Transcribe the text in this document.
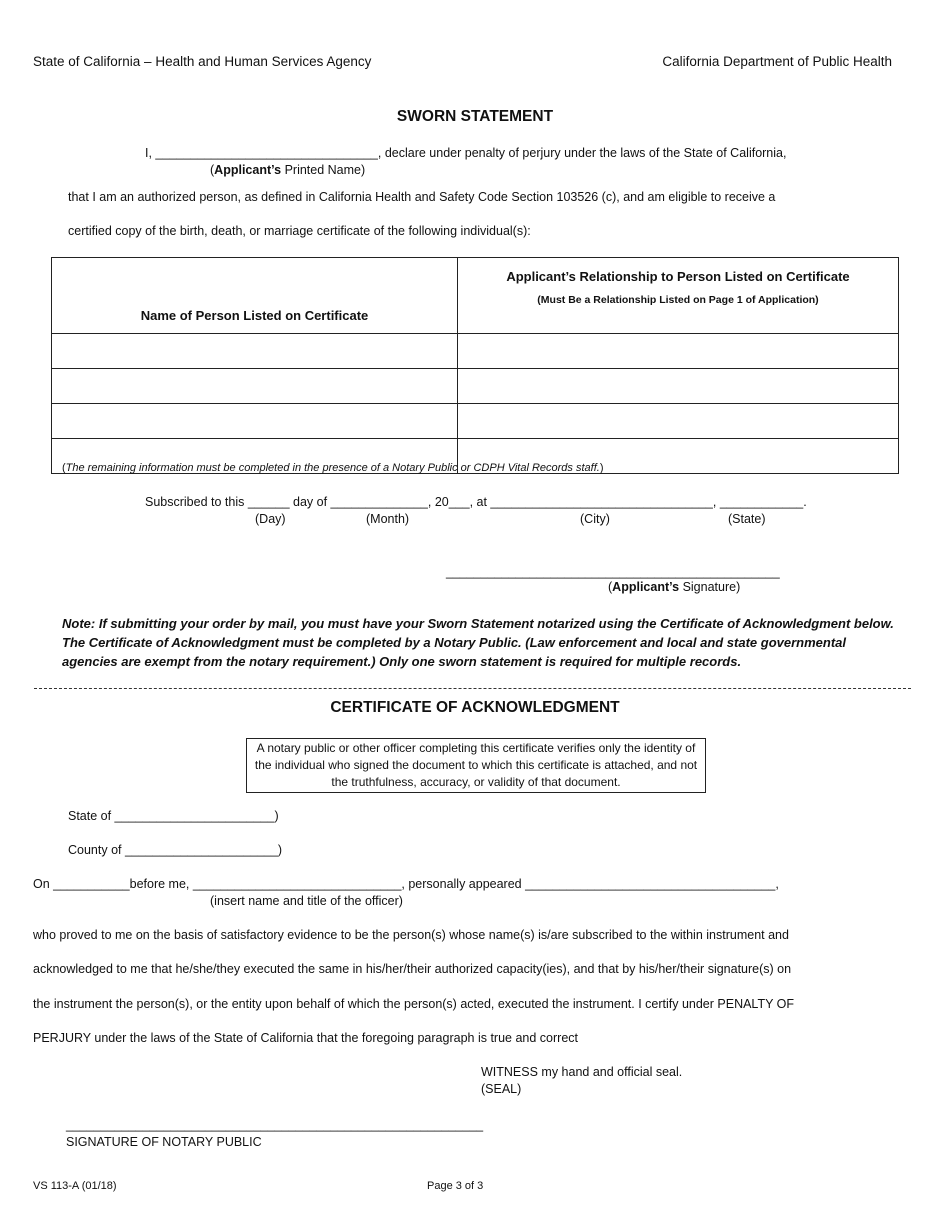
State of California – Health and Human Services Agency	California Department of Public Health
SWORN STATEMENT
I, ________________________________, declare under penalty of perjury under the laws of the State of California,
(Applicant’s Printed Name)
that I am an authorized person, as defined in California Health and Safety Code Section 103526 (c), and am eligible to receive a
certified copy of the birth, death, or marriage certificate of the following individual(s):
Name of Person Listed on Certificate	Applicant’s Relationship to Person Listed on Certificate
(Must Be a Relationship Listed on Page 1 of Application)

(The remaining information must be completed in the presence of a Notary Public or CDPH Vital Records staff.)
Subscribed to this ______ day of ______________, 20___, at ________________________________, ____________.
(Day)	(Month)	(City)	(State)
________________________________________________
(Applicant’s Signature)
Note: If submitting your order by mail, you must have your Sworn Statement notarized using the Certificate of Acknowledgment below. The Certificate of Acknowledgment must be completed by a Notary Public. (Law enforcement and local and state governmental agencies are exempt from the notary requirement.) Only one sworn statement is required for multiple records.
CERTIFICATE OF ACKNOWLEDGMENT
A notary public or other officer completing this certificate verifies only the identity of the individual who signed the document to which this certificate is attached, and not the truthfulness, accuracy, or validity of that document.
State of _______________________)
County of ______________________)
On ___________before me, ______________________________, personally appeared ____________________________________,
(insert name and title of the officer)
who proved to me on the basis of satisfactory evidence to be the person(s) whose name(s) is/are subscribed to the within instrument and
acknowledged to me that he/she/they executed the same in his/her/their authorized capacity(ies), and that by his/her/their signature(s) on
the instrument the person(s), or the entity upon behalf of which the person(s) acted, executed the instrument. I certify under PENALTY OF
PERJURY under the laws of the State of California that the foregoing paragraph is true and correct
WITNESS my hand and official seal.
(SEAL)
____________________________________________________________
SIGNATURE OF NOTARY PUBLIC
VS 113-A (01/18)	Page 3 of 3
